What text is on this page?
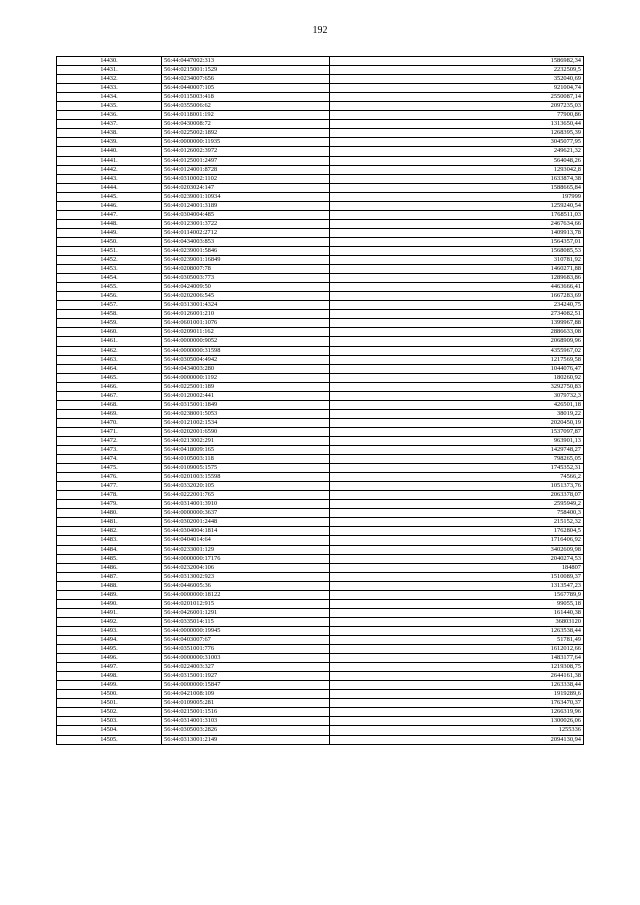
192
14430.	56:44:0447002:313	1586982,34
14431.	56:44:0215001:1529	2232509,5
14432.	56:44:0234007:656	352040,69
14433.	56:44:0440007:105	921004,74
14434.	56:44:0115003:418	2550087,14
14435.	56:44:0355006:62	2097235,03
14436.	56:44:0118001:192	77900,86
14437.	56:44:0430008:72	1313650,44
14438.	56:44:0225002:1892	1268395,39
14439.	56:44:0000000:11935	3045077,95
14440.	56:44:0126002:3972	249621,32
14441.	56:44:0125001:2497	564048,26
14442.	56:44:0124001:8728	1293042,8
14443.	56:44:0310002:1102	1633874,38
14444.	56:44:0203024:147	1588665,84
14445.	56:44:0239001:10934	197999
14446.	56:44:0124001:3189	1259240,54
14447.	56:44:0304004:485	1768511,03
14448.	56:44:0123001:3722	2467634,66
14449.	56:44:0114002:2712	1409913,78
14450.	56:44:0434003:853	1564357,01
14451.	56:44:0239001:5846	1568085,53
14452.	56:44:0239001:16849	310781,92
14453.	56:44:0208007:78	1460271,88
14454.	56:44:0305003:773	1289683,86
14455.	56:44:0424009:50	4463666,41
14456.	56:44:0202006:545	1667283,69
14457.	56:44:0313001:4324	234240,75
14458.	56:44:0126001:210	2734082,51
14459.	56:44:0601001:1076	1399967,88
14460.	56:44:0209011:162	2886633,08
14461.	56:44:0000000:9052	2068909,96
14462.	56:44:0000000:31598	4355967,02
14463.	56:44:0305004:4942	1217569,58
14464.	56:44:0434003:280	1044076,47
14465.	56:44:0000000:1192	180260,92
14466.	56:44:0225001:189	3292750,83
14467.	56:44:0120002:441	3079732,3
14468.	56:44:0315001:1849	426501,18
14469.	56:44:0238001:5053	38019,22
14470.	56:44:0121002:1534	2020450,19
14471.	56:44:0202001:6590	1537097,87
14472.	56:44:0213002:291	963901,13
14473.	56:44:0418009:165	1429748,27
14474.	56:44:0105003:118	798265,05
14475.	56:44:0109005:1575	1745352,31
14476.	56:44:0201003:15598	74566,2
14477.	56:44:0332020:105	1051373,76
14478.	56:44:0222001:765	2063378,07
14479.	56:44:0314001:3910	2595949,2
14480.	56:44:0000000:3637	758400,3
14481.	56:44:0302001:2448	215152,32
14482.	56:44:0304004:1814	1762804,5
14483.	56:44:0404014:64	1716406,92
14484.	56:44:0233001:129	3402609,98
14485.	56:44:0000000:17176	2040274,53
14486.	56:44:0232004:106	184807
14487.	56:44:0313002:923	1510089,37
14488.	56:44:0446005:36	1313547,23
14489.	56:44:0000000:18122	1567789,9
14490.	56:44:0201012:915	99055,18
14491.	56:44:0426001:1291	161440,38
14492.	56:44:0335014:115	36803120
14493.	56:44:0000000:19945	1263538,44
14494.	56:44:0403007:67	51781,49
14495.	56:44:0351001:776	1612012,66
14496.	56:44:0000000:31003	1483177,64
14497.	56:44:0224003:327	1219308,75
14498.	56:44:0315001:1927	2644161,38
14499.	56:44:0000000:15847	1263338,44
14500.	56:44:0421008:109	1919289,6
14501.	56:44:0109005:281	1763470,37
14502.	56:44:0215001:1516	1266319,96
14503.	56:44:0314001:3103	1300026,06
14504.	56:44:0305003:2826	1255336
14505.	56:44:0313001:2149	2094130,94
